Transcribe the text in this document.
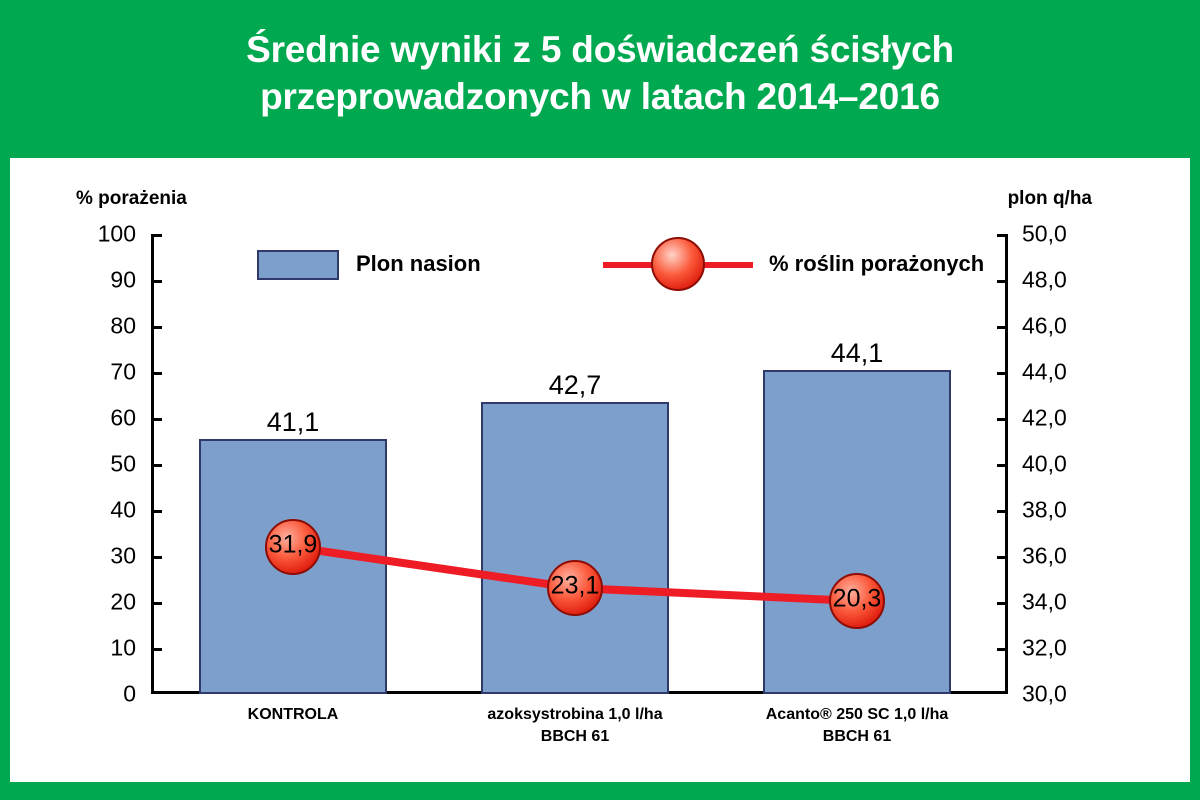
Średnie wyniki z 5 doświadczeń ścisłych
przeprowadzonych w latach 2014–2016
% porażenia	plon q/ha
100
90
80
70
60
50
40
30
20
10
0
50,0
48,0
46,0
44,0
42,0
40,0
38,0
36,0
34,0
32,0
30,0
Plon nasion	% roślin porażonych
41,1
42,7
44,1
31,9
23,1	20,3
KONTROLA	azoksystrobina 1,0 l/ha
BBCH 61
Acanto® 250 SC 1,0 l/ha
BBCH 61
